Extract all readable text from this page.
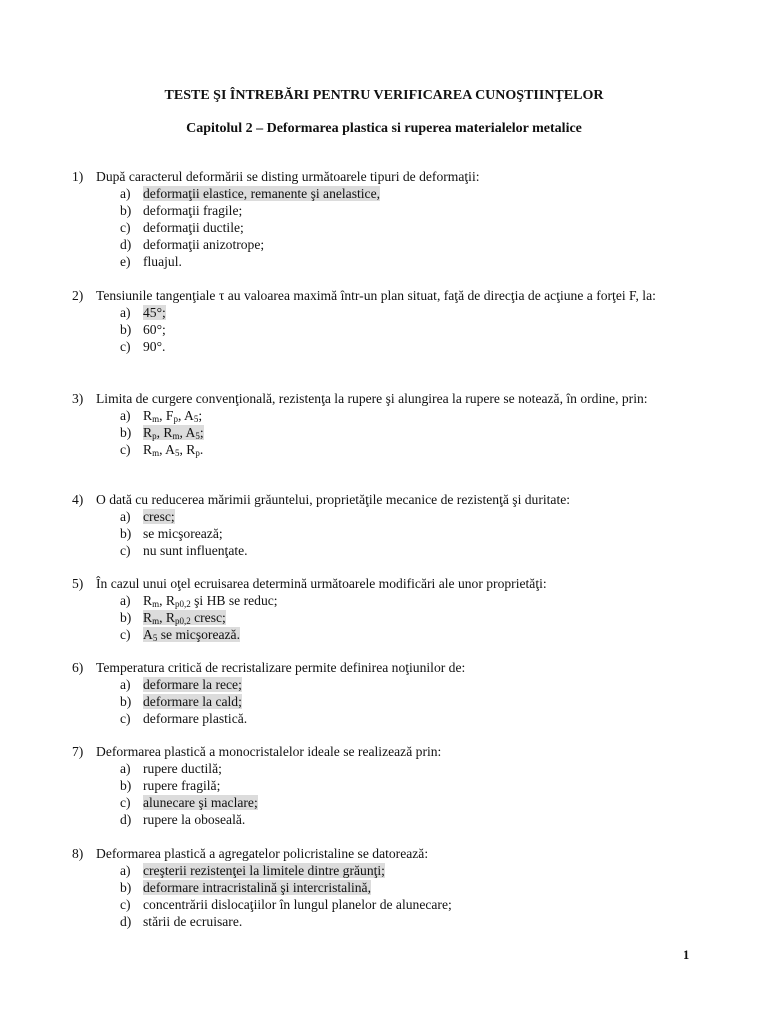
TESTE ŞI ÎNTREBĂRI PENTRU VERIFICAREA CUNOŞTIINŢELOR
Capitolul 2 – Deformarea plastica si ruperea materialelor metalice
1) După caracterul deformării se disting următoarele tipuri de deformaţii:
a) deformaţii elastice, remanente şi anelastice,
b) deformaţii fragile;
c) deformaţii ductile;
d) deformaţii anizotrope;
e) fluajul.
2) Tensiunile tangenţiale τ au valoarea maximă într-un plan situat, faţă de direcţia de acţiune a forţei F, la:
a) 45°;
b) 60°;
c) 90°.
3) Limita de curgere convenţională, rezistenţa la rupere şi alungirea la rupere se notează, în ordine, prin:
a) $R_m$, $F_p$, $A_5$;
b) $R_p$, $R_m$, $A_5$;
c) $R_m$, $A_5$, $R_p$.
4) O dată cu reducerea mărimii grăuntelui, proprietăţile mecanice de rezistenţă şi duritate:
a) cresc;
b) se micşorează;
c) nu sunt influenţate.
5) În cazul unui oţel ecruisarea determină următoarele modificări ale unor proprietăţi:
a) $R_m$, $R_{p0,2}$ şi HB se reduc;
b) $R_m$, $R_{p0,2}$ cresc;
c) $A_5$ se micşorează.
6) Temperatura critică de recristalizare permite definirea noţiunilor de:
a) deformare la rece;
b) deformare la cald;
c) deformare plastică.
7) Deformarea plastică a monocristalelor ideale se realizează prin:
a) rupere ductilă;
b) rupere fragilă;
c) alunecare şi maclare;
d) rupere la oboseală.
8) Deformarea plastică a agregatelor policristaline se datorează:
a) creşterii rezistenţei la limitele dintre grăunţi;
b) deformare intracristalină şi intercristalină,
c) concentrării dislocaţiilor în lungul planelor de alunecare;
d) stării de ecruisare.
1
